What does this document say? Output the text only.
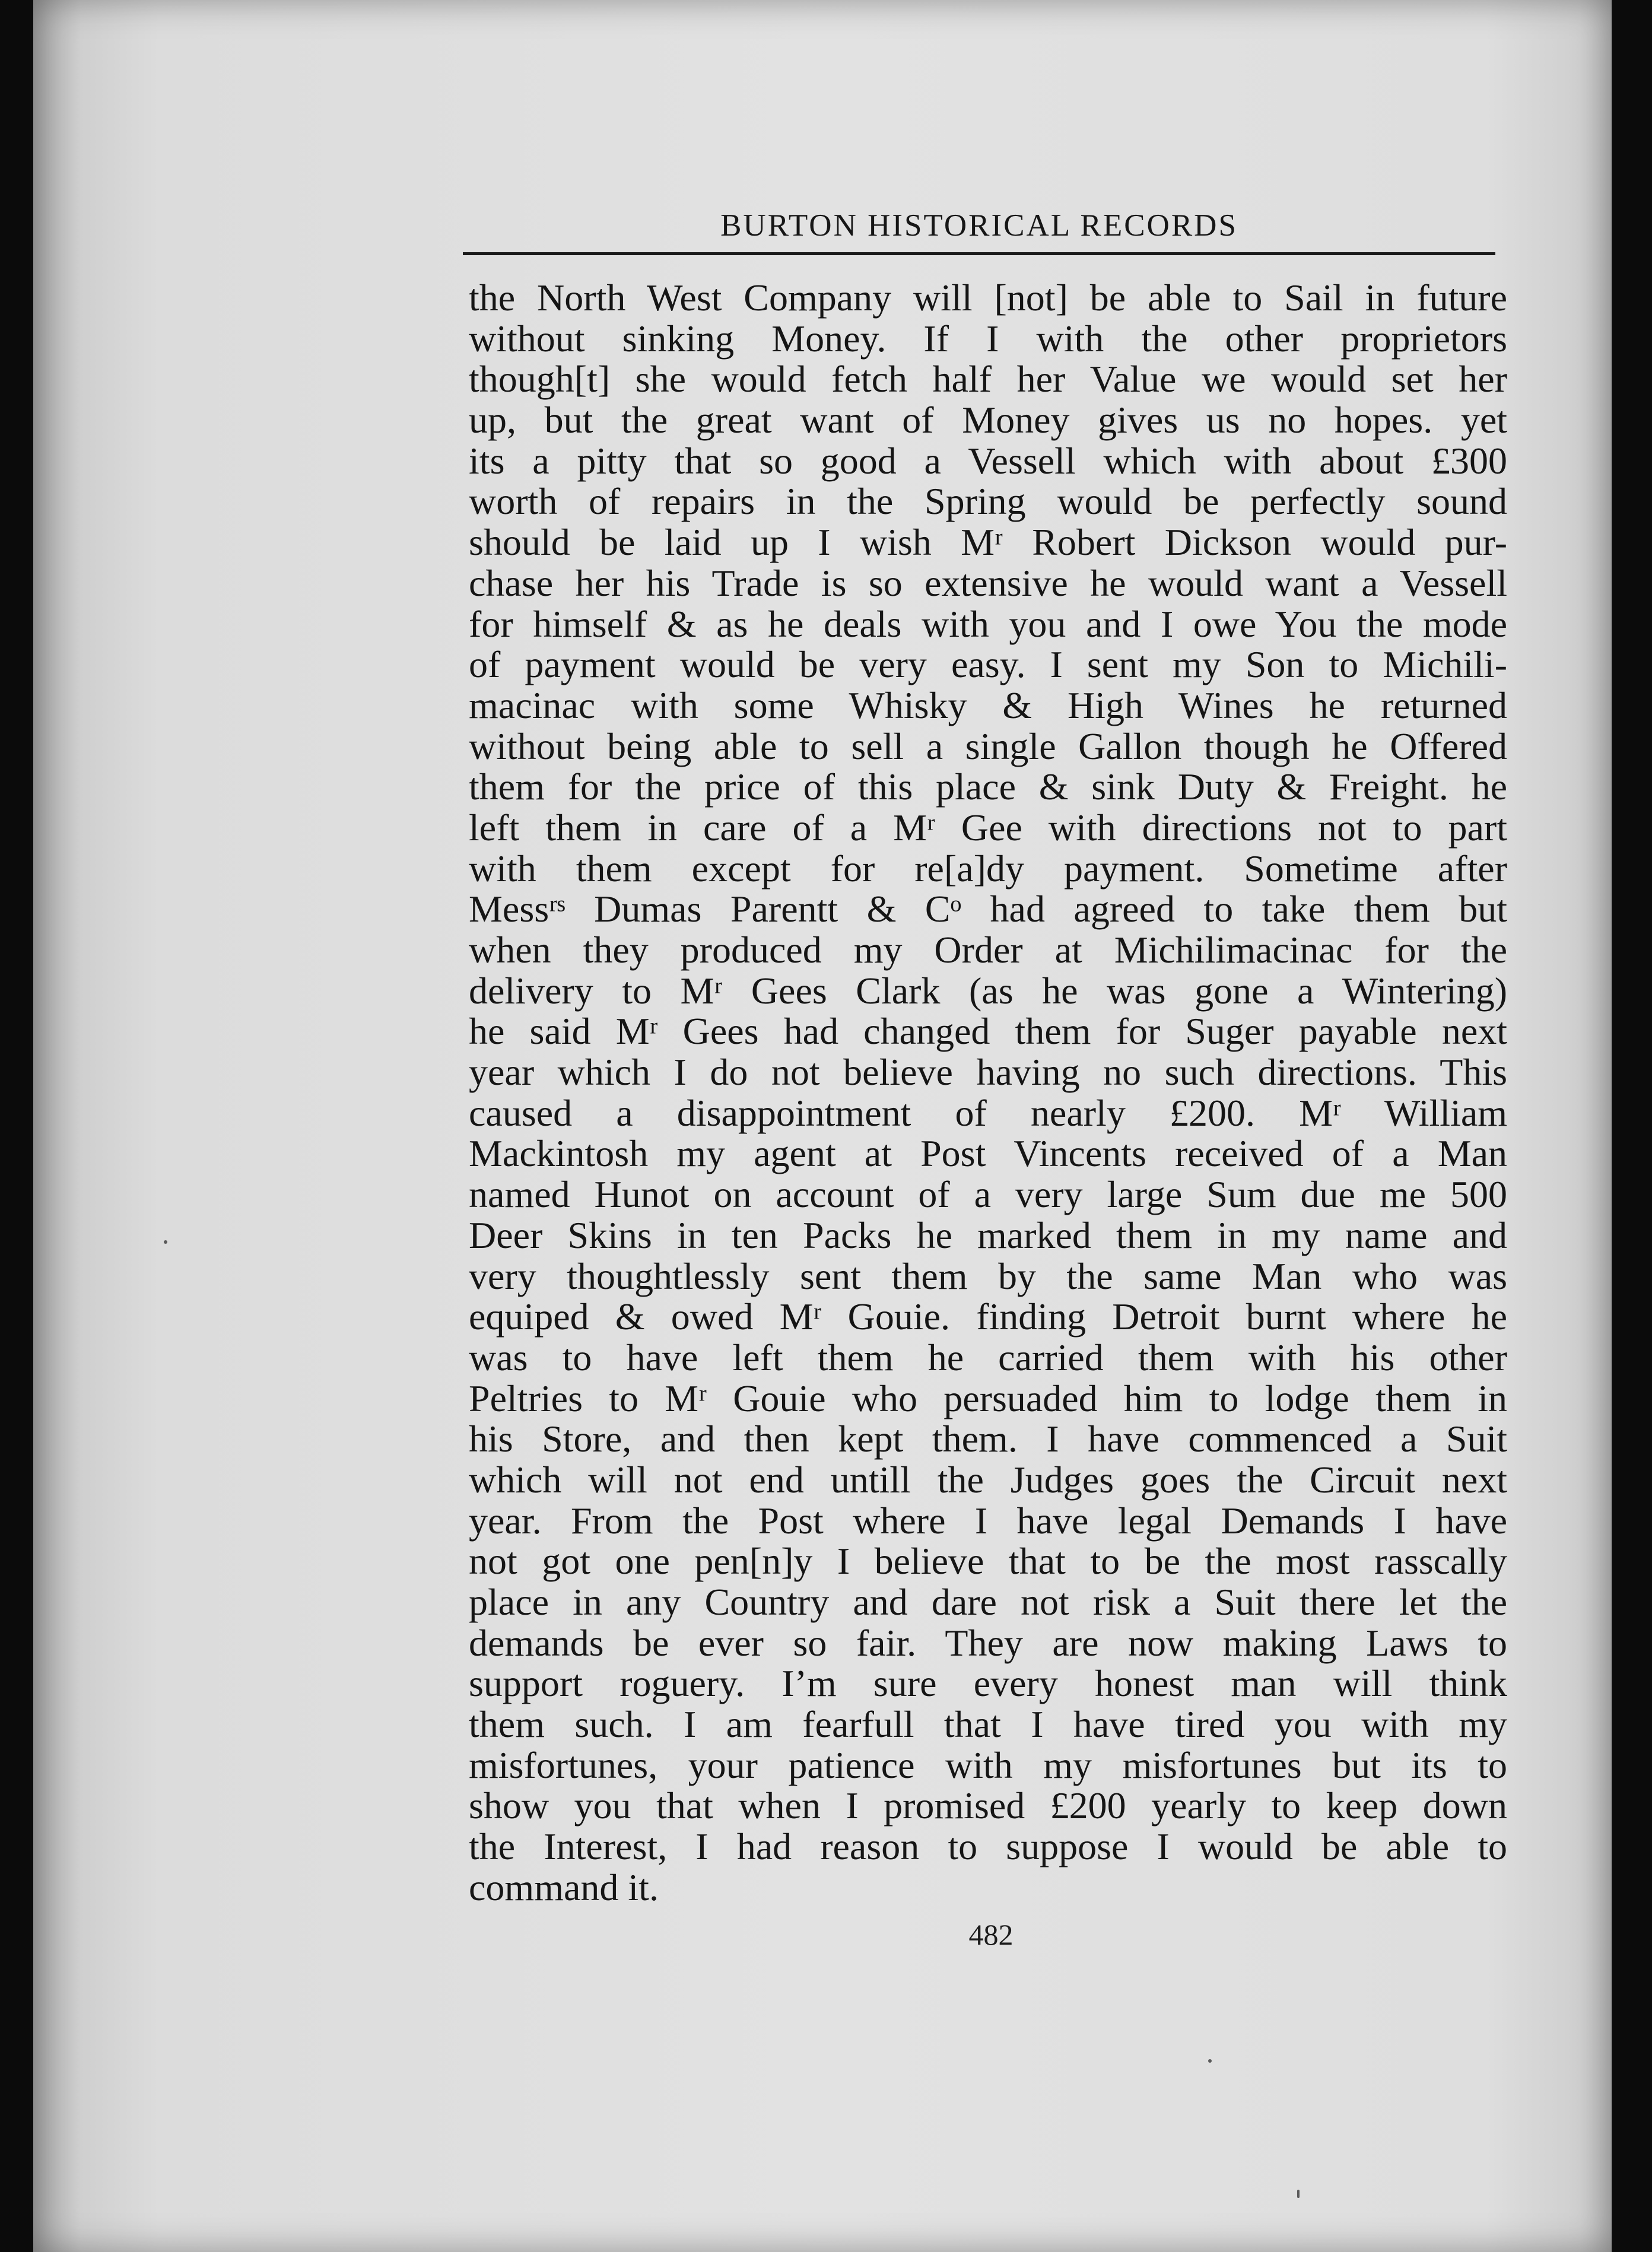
BURTON HISTORICAL RECORDS
the North West Company will [not] be able to Sail in future
without sinking Money. If I with the other proprietors
though[t] she would fetch half her Value we would set her
up, but the great want of Money gives us no hopes. yet
its a pitty that so good a Vessell which with about £300
worth of repairs in the Spring would be perfectly sound
should be laid up I wish Mʳ Robert Dickson would pur-
chase her his Trade is so extensive he would want a Vessell
for himself & as he deals with you and I owe You the mode
of payment would be very easy. I sent my Son to Michili-
macinac with some Whisky & High Wines he returned
without being able to sell a single Gallon though he Offered
them for the price of this place & sink Duty & Freight. he
left them in care of a Mʳ Gee with directions not to part
with them except for re[a]dy payment. Sometime after
Messʳˢ Dumas Parentt & Cᵒ had agreed to take them but
when they produced my Order at Michilimacinac for the
delivery to Mʳ Gees Clark (as he was gone a Wintering)
he said Mʳ Gees had changed them for Suger payable next
year which I do not believe having no such directions. This
caused a disappointment of nearly £200. Mʳ William
Mackintosh my agent at Post Vincents received of a Man
named Hunot on account of a very large Sum due me 500
Deer Skins in ten Packs he marked them in my name and
very thoughtlessly sent them by the same Man who was
equiped & owed Mʳ Gouie. finding Detroit burnt where he
was to have left them he carried them with his other
Peltries to Mʳ Gouie who persuaded him to lodge them in
his Store, and then kept them. I have commenced a Suit
which will not end untill the Judges goes the Circuit next
year. From the Post where I have legal Demands I have
not got one pen[n]y I believe that to be the most rasscally
place in any Country and dare not risk a Suit there let the
demands be ever so fair. They are now making Laws to
support roguery. I’m sure every honest man will think
them such. I am fearfull that I have tired you with my
misfortunes, your patience with my misfortunes but its to
show you that when I promised £200 yearly to keep down
the Interest, I had reason to suppose I would be able to
command it.
482
